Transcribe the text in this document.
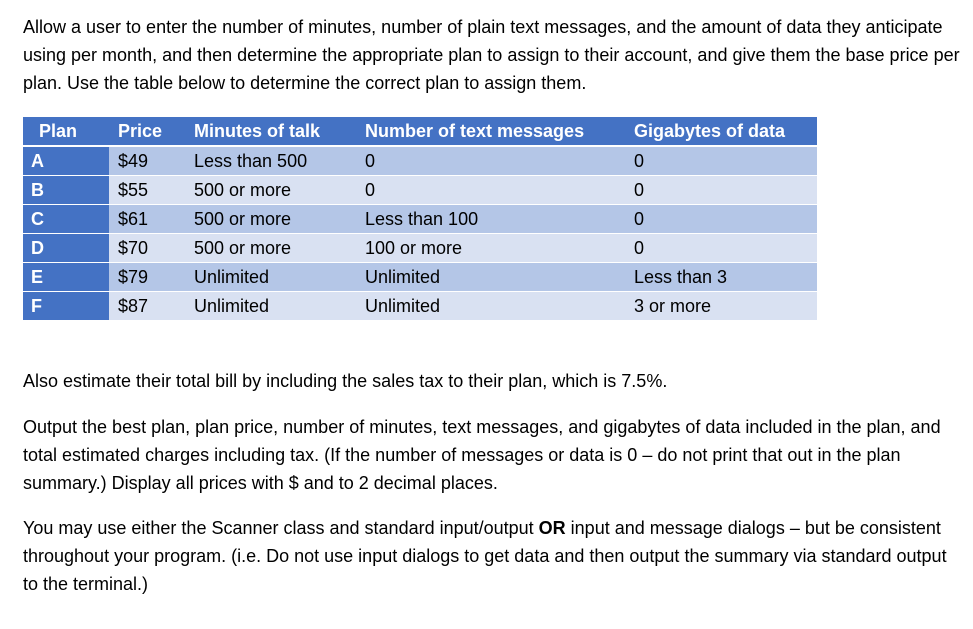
Allow a user to enter the number of minutes, number of plain text messages, and the amount of data they anticipate using per month, and then determine the appropriate plan to assign to their account, and give them the base price per plan. Use the table below to determine the correct plan to assign them.

Plan	Price	Minutes of talk	Number of text messages	Gigabytes of data
A	$49	Less than 500	0	0
B	$55	500 or more	0	0
C	$61	500 or more	Less than 100	0
D	$70	500 or more	100 or more	0
E	$79	Unlimited	Unlimited	Less than 3
F	$87	Unlimited	Unlimited	3 or more

Also estimate their total bill by including the sales tax to their plan, which is 7.5%.

Output the best plan, plan price, number of minutes, text messages, and gigabytes of data included in the plan, and total estimated charges including tax. (If the number of messages or data is 0 – do not print that out in the plan summary.) Display all prices with $ and to 2 decimal places.

You may use either the Scanner class and standard input/output OR input and message dialogs – but be consistent throughout your program. (i.e. Do not use input dialogs to get data and then output the summary via standard output to the terminal.)
